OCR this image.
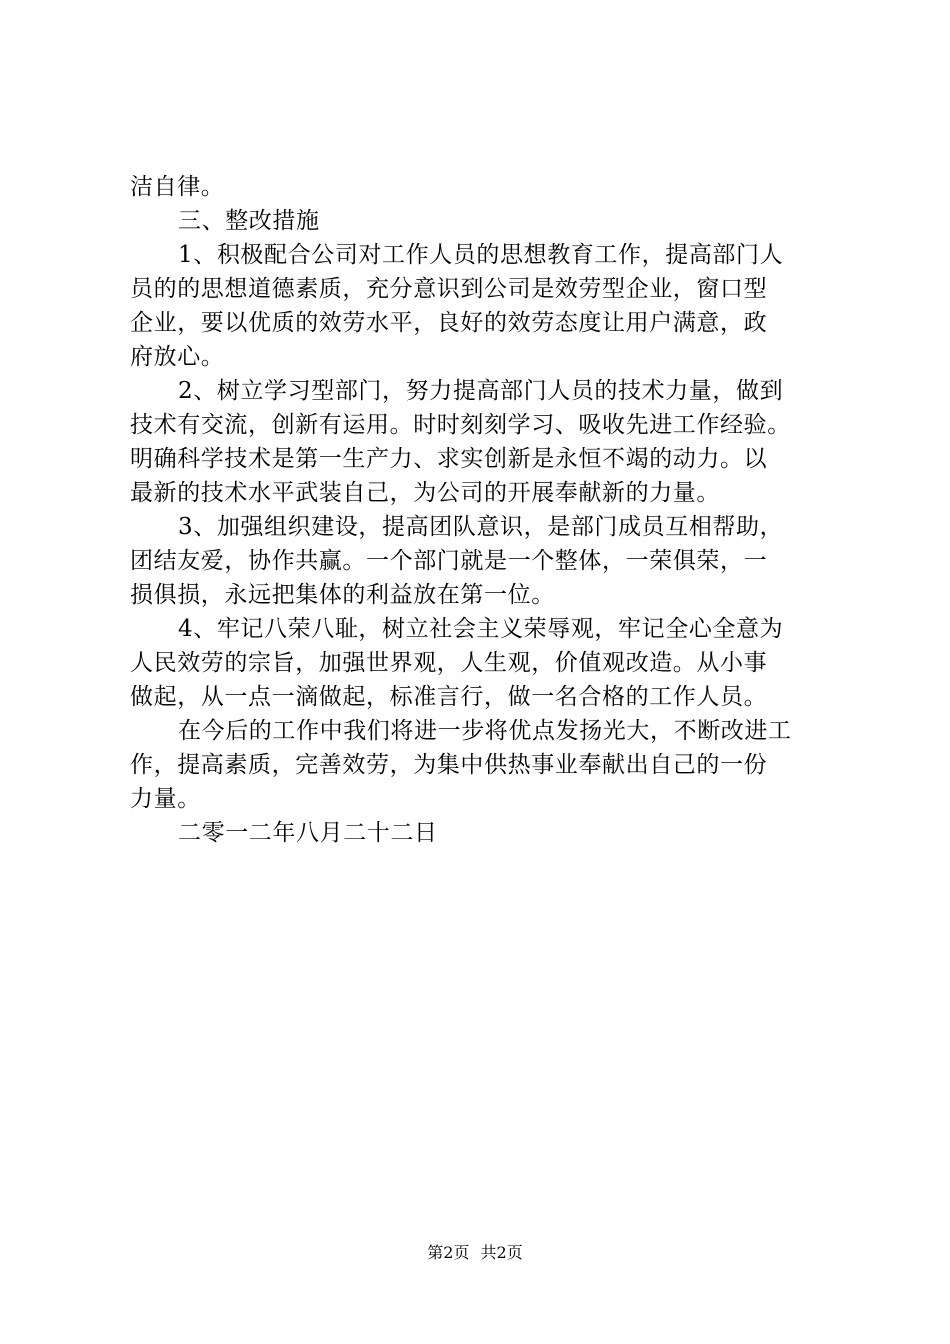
洁自律。
三、整改措施
1、积极配合公司对工作人员的思想教育工作，提高部门人
员的的思想道德素质，充分意识到公司是效劳型企业，窗口型
企业，要以优质的效劳水平，良好的效劳态度让用户满意，政
府放心。
2、树立学习型部门，努力提高部门人员的技术力量，做到
技术有交流，创新有运用。时时刻刻学习、吸收先进工作经验。
明确科学技术是第一生产力、求实创新是永恒不竭的动力。以
最新的技术水平武装自己，为公司的开展奉献新的力量。
3、加强组织建设，提高团队意识，是部门成员互相帮助，
团结友爱，协作共赢。一个部门就是一个整体，一荣俱荣，一
损俱损，永远把集体的利益放在第一位。
4、牢记八荣八耻，树立社会主义荣辱观，牢记全心全意为
人民效劳的宗旨，加强世界观，人生观，价值观改造。从小事
做起，从一点一滴做起，标准言行，做一名合格的工作人员。
在今后的工作中我们将进一步将优点发扬光大，不断改进工
作，提高素质，完善效劳，为集中供热事业奉献出自己的一份
力量。
二零一二年八月二十二日
第2页 共2页
